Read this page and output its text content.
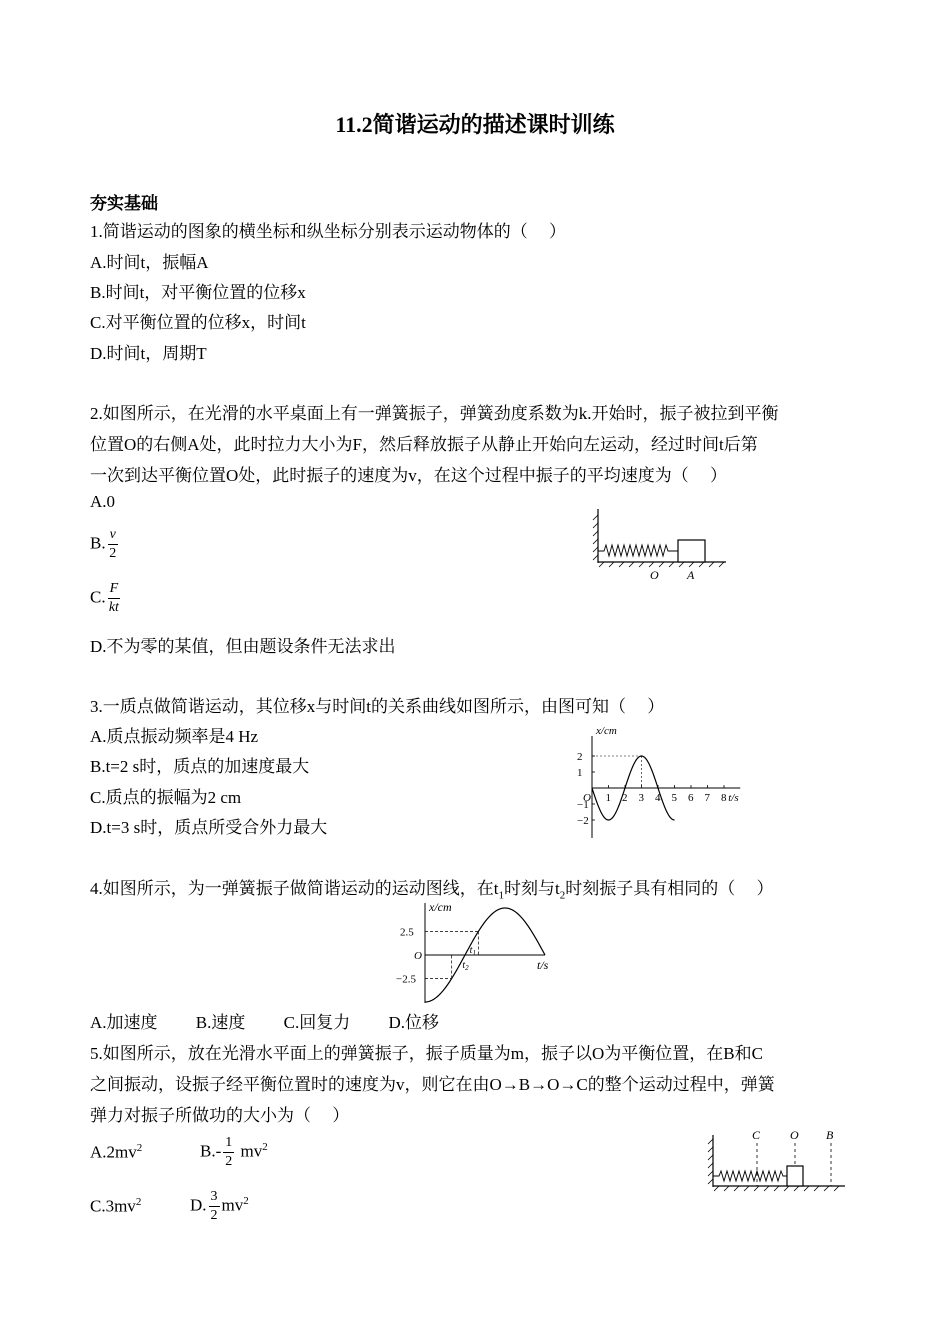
11.2简谐运动的描述课时训练
夯实基础
1.简谐运动的图象的横坐标和纵坐标分别表示运动物体的（　 ）
A.时间t，振幅A
B.时间t，对平衡位置的位移x
C.对平衡位置的位移x，时间t
D.时间t，周期T
2.如图所示，在光滑的水平桌面上有一弹簧振子，弹簧劲度系数为k.开始时，振子被拉到平衡
位置O的右侧A处，此时拉力大小为F，然后释放振子从静止开始向左运动，经过时间t后第
一次到达平衡位置O处，此时振子的速度为v，在这个过程中振子的平均速度为（　 ）
A.0
B. $\frac{v}{2}$
C. $\frac{F}{kt}$
D.不为零的某值，但由题设条件无法求出
O A
3.一质点做简谐运动，其位移x与时间t的关系曲线如图所示，由图可知（　 ）
A.质点振动频率是4 Hz
B.t=2 s时，质点的加速度最大
C.质点的振幅为2 cm
D.t=3 s时，质点所受合外力最大
x/cm
t/s
O 1 2 3 4 5 6 7 8
2
1
−1
−2
4.如图所示，为一弹簧振子做简谐运动的运动图线，在$t_1$时刻与$t_2$时刻振子具有相同的（　 ）
x/cm
t/s
2.5
O
−2.5
$t_1$
$t_2$
A.加速度　　 B.速度　　 C.回复力　　 D.位移
5.如图所示，放在光滑水平面上的弹簧振子，振子质量为m，振子以O为平衡位置，在B和C
之间振动，设振子经平衡位置时的速度为v，则它在由O→B→O→C的整个运动过程中，弹簧
弹力对振子所做功的大小为（　 ）
$A.2mv^2$	$B.- \frac{1}{2} mv^2$
$C.3mv^2$	D. $\frac{3}{2} mv^2$
C O B
